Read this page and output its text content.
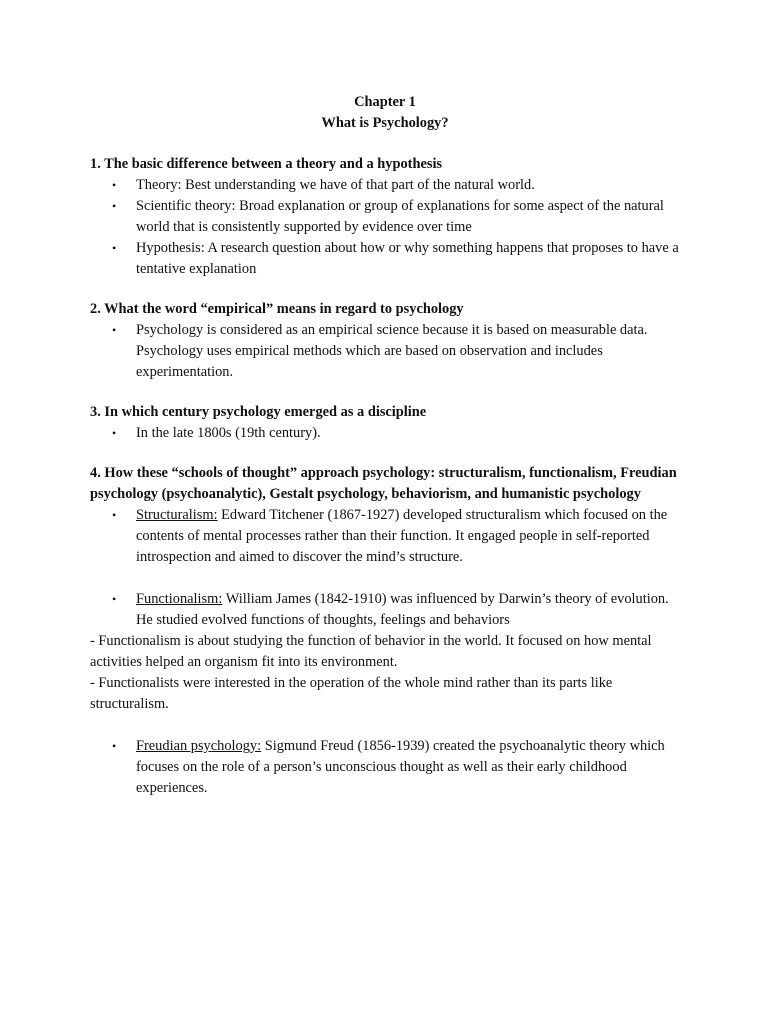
Chapter 1

What is Psychology?

1. The basic difference between a theory and a hypothesis

• Theory: Best understanding we have of that part of the natural world.
• Scientific theory: Broad explanation or group of explanations for some aspect of the natural world that is consistently supported by evidence over time
• Hypothesis: A research question about how or why something happens that proposes to have a tentative explanation

2. What the word “empirical” means in regard to psychology

• Psychology is considered as an empirical science because it is based on measurable data. Psychology uses empirical methods which are based on observation and includes experimentation.

3. In which century psychology emerged as a discipline

• In the late 1800s (19th century).

4. How these “schools of thought” approach psychology: structuralism, functionalism, Freudian psychology (psychoanalytic), Gestalt psychology, behaviorism, and humanistic psychology

• Structuralism: Edward Titchener (1867-1927) developed structuralism which focused on the contents of mental processes rather than their function. It engaged people in self-reported introspection and aimed to discover the mind’s structure.
• Functionalism: William James (1842-1910) was influenced by Darwin’s theory of evolution. He studied evolved functions of thoughts, feelings and behaviors

- Functionalism is about studying the function of behavior in the world. It focused on how mental activities helped an organism fit into its environment.

- Functionalists were interested in the operation of the whole mind rather than its parts like structuralism.

• Freudian psychology: Sigmund Freud (1856-1939) created the psychoanalytic theory which focuses on the role of a person’s unconscious thought as well as their early childhood experiences.
